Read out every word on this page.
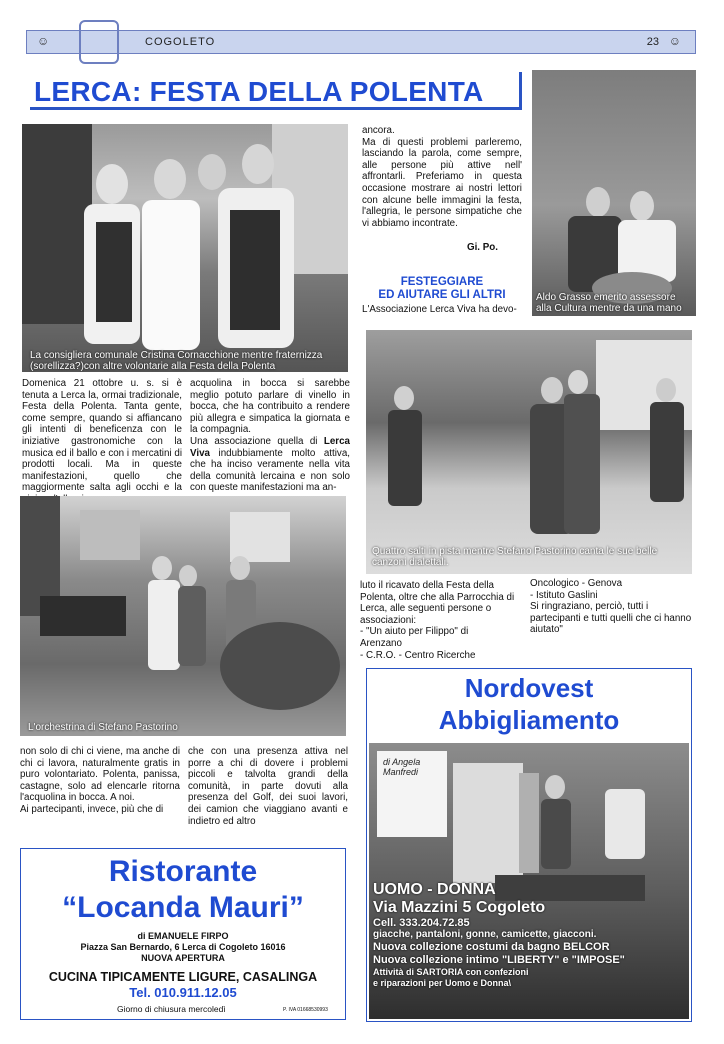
☺	COGOLETO	23 ☺
LERCA: FESTA DELLA POLENTA
La consigliera comunale Cristina Cornacchione mentre fraternizza (sorellizza?)con altre volontarie alla Festa della Polenta
ancora.
Ma di questi problemi parleremo, lasciando la parola, come sempre, alle persone più attive nell' affrontarli. Preferiamo in questa occasione mostrare ai nostri lettori con alcune belle immagini la festa, l'allegria, le persone simpatiche che vi abbiamo incontrate.
Gi. Po.
FESTEGGIARE
ED AIUTARE GLI ALTRI
L'Associazione Lerca Viva ha devo-
Aldo Grasso emerito assessore alla Cultura mentre da una mano
Domenica 21 ottobre u. s. si è tenuta a Lerca la, ormai tradizionale, Festa della Polenta. Tanta gente, come sempre, quando si affiancano gli intenti di beneficenza con le iniziative gastronomiche con la musica ed il ballo e con i mercatini di prodotti locali. Ma in queste manifestazioni, quello che maggiormente salta agli occhi e la
acquolina in bocca si sarebbe meglio potuto parlare di vinello in bocca, che ha contribuito a rendere più allegra e simpatica la giornata e la compagnia.
Una associazione quella di Lerca Viva indubbiamente molto attiva, che ha inciso veramente nella vita della comunità lercaina e non solo con queste manifestazioni ma an-
Quattro salti in pista mentre Stefano Pastorino canta le sue belle canzoni dialettali.
luto il ricavato della Festa della Polenta, oltre che alla Parrocchia di Lerca, alle seguenti persone o associazioni:
- "Un aiuto per Filippo" di
Arenzano
- C.R.O. - Centro Ricerche
Oncologico - Genova
- Istituto Gaslini
Si ringraziano, perciò, tutti i partecipanti e tutti quelli che ci hanno aiutato"
L'orchestrina di Stefano Pastorino
non solo di chi ci viene, ma anche di chi ci lavora, naturalmente gratis in puro volontariato. Polenta, panissa, castagne, solo ad elencarle ritorna l'acquolina in bocca. A noi.
Ai partecipanti, invece, più che di
che con una presenza attiva nel porre a chi di dovere i problemi piccoli e talvolta grandi della comunità, in parte dovuti alla presenza del Golf, dei suoi lavori, dei camion che viaggiano avanti e indietro ed altro
Ristorante
“Locanda Mauri”
di EMANUELE FIRPO
Piazza San Bernardo, 6 Lerca di Cogoleto 16016
NUOVA APERTURA
CUCINA TIPICAMENTE LIGURE, CASALINGA
Tel. 010.911.12.05
Giorno di chiusura mercoledì	P. IVA 01668530993
Nordovest
Abbigliamento
di Angela
Manfredi
UOMO - DONNA
Via Mazzini 5 Cogoleto
Cell. 333.204.72.85
giacche, pantaloni, gonne, camicette, giacconi.
Nuova collezione costumi da bagno BELCOR
Nuova collezione intimo "LIBERTY" e "IMPOSE"
Attività di SARTORIA con confezioni
e riparazioni per Uomo e Donna\
